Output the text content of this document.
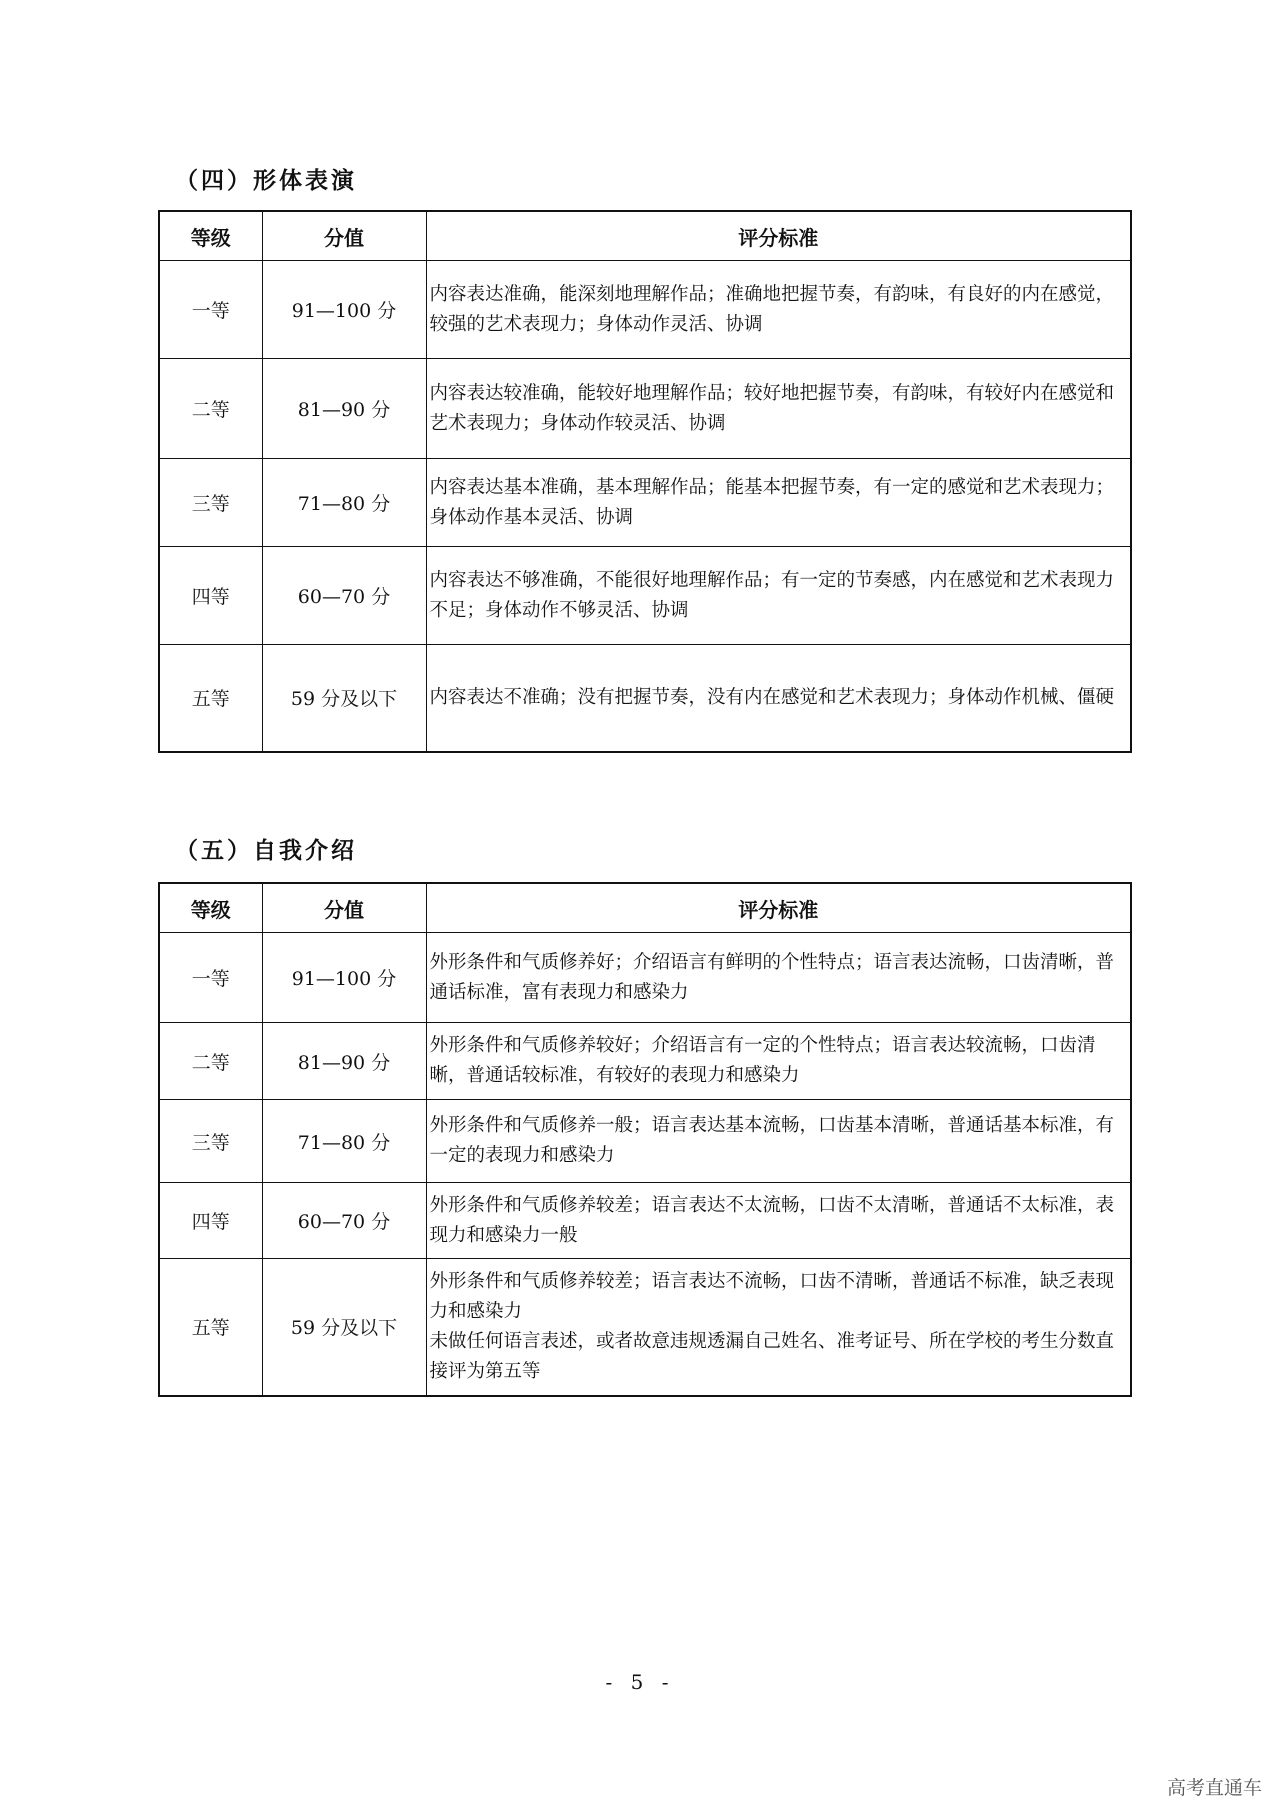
（四）形体表演
等级	分值	评分标准
一等	91—100 分	内容表达准确，能深刻地理解作品；准确地把握节奏，有韵味，有良好的内在感觉，较强的艺术表现力；身体动作灵活、协调
二等	81—90 分	内容表达较准确，能较好地理解作品；较好地把握节奏，有韵味，有较好内在感觉和艺术表现力；身体动作较灵活、协调
三等	71—80 分	内容表达基本准确，基本理解作品；能基本把握节奏，有一定的感觉和艺术表现力；身体动作基本灵活、协调
四等	60—70 分	内容表达不够准确，不能很好地理解作品；有一定的节奏感，内在感觉和艺术表现力不足；身体动作不够灵活、协调
五等	59 分及以下	内容表达不准确；没有把握节奏，没有内在感觉和艺术表现力；身体动作机械、僵硬
（五）自我介绍
等级	分值	评分标准
一等	91—100 分	外形条件和气质修养好；介绍语言有鲜明的个性特点；语言表达流畅，口齿清晰，普通话标准，富有表现力和感染力
二等	81—90 分	外形条件和气质修养较好；介绍语言有一定的个性特点；语言表达较流畅，口齿清晰，普通话较标准，有较好的表现力和感染力
三等	71—80 分	外形条件和气质修养一般；语言表达基本流畅，口齿基本清晰，普通话基本标准，有一定的表现力和感染力
四等	60—70 分	外形条件和气质修养较差；语言表达不太流畅，口齿不太清晰，普通话不太标准，表现力和感染力一般
五等	59 分及以下	外形条件和气质修养较差；语言表达不流畅，口齿不清晰，普通话不标准，缺乏表现力和感染力
未做任何语言表述，或者故意违规透漏自己姓名、准考证号、所在学校的考生分数直接评为第五等
- 5 -
高考直通车
